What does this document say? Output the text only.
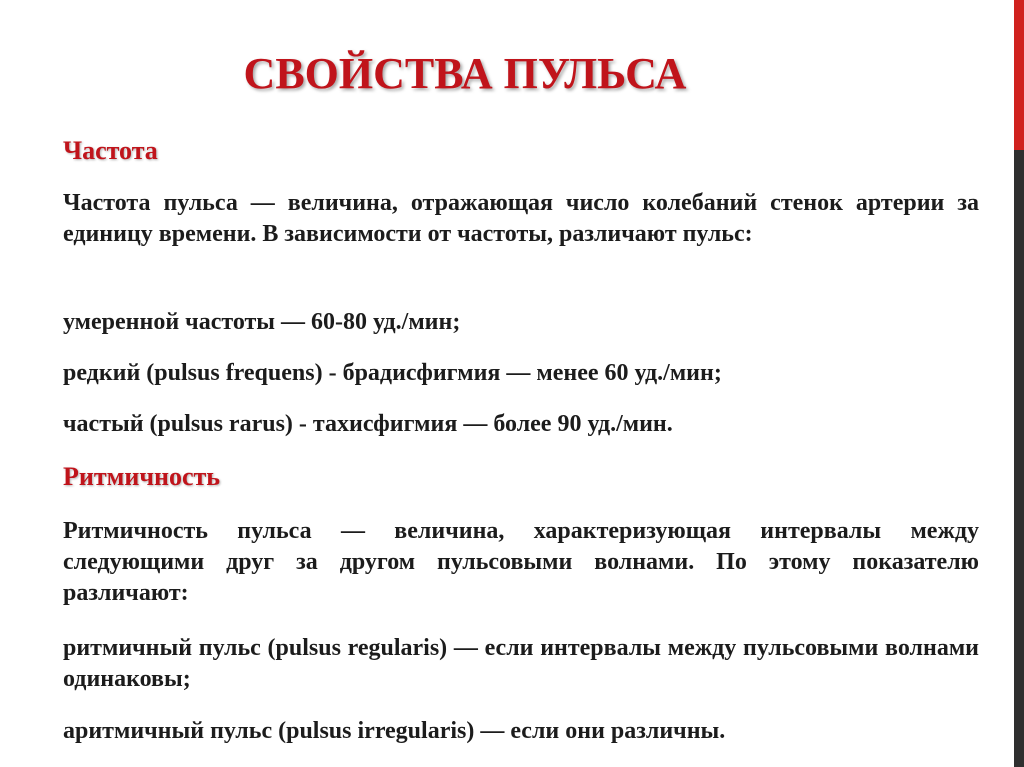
СВОЙСТВА ПУЛЬСА
Частота

Частота пульса — величина, отражающая число колебаний стенок артерии за единицу времени. В зависимости от частоты, различают пульс:

умеренной частоты — 60-80 уд./мин;

редкий (pulsus frequens) - брадисфигмия — менее 60 уд./мин;

частый (pulsus rarus) - тахисфигмия — более 90 уд./мин.

Ритмичность

Ритмичность пульса — величина, характеризующая интервалы между следующими друг за другом пульсовыми волнами. По этому показателю различают:

ритмичный пульс (pulsus regularis) — если интервалы между пульсовыми волнами одинаковы;

аритмичный пульс (pulsus irregularis) — если они различны.
